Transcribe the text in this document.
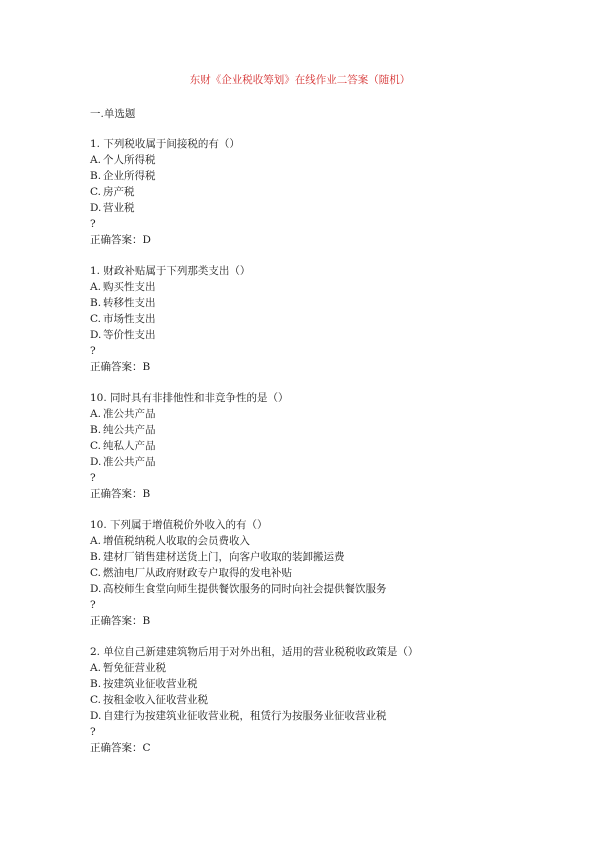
东财《企业税收筹划》在线作业二答案（随机）
一.单选题
1. 下列税收属于间接税的有（）
A. 个人所得税
B. 企业所得税
C. 房产税
D. 营业税
?
正确答案：D
1. 财政补贴属于下列那类支出（）
A. 购买性支出
B. 转移性支出
C. 市场性支出
D. 等价性支出
?
正确答案：B
10. 同时具有非排他性和非竞争性的是（）
A. 准公共产品
B. 纯公共产品
C. 纯私人产品
D. 准公共产品
?
正确答案：B
10. 下列属于增值税价外收入的有（）
A. 增值税纳税人收取的会员费收入
B. 建材厂销售建材送货上门，向客户收取的装卸搬运费
C. 燃油电厂从政府财政专户取得的发电补贴
D. 高校师生食堂向师生提供餐饮服务的同时向社会提供餐饮服务
?
正确答案：B
2. 单位自己新建建筑物后用于对外出租，适用的营业税税收政策是（）
A. 暂免征营业税
B. 按建筑业征收营业税
C. 按租金收入征收营业税
D. 自建行为按建筑业征收营业税，租赁行为按服务业征收营业税
?
正确答案：C
